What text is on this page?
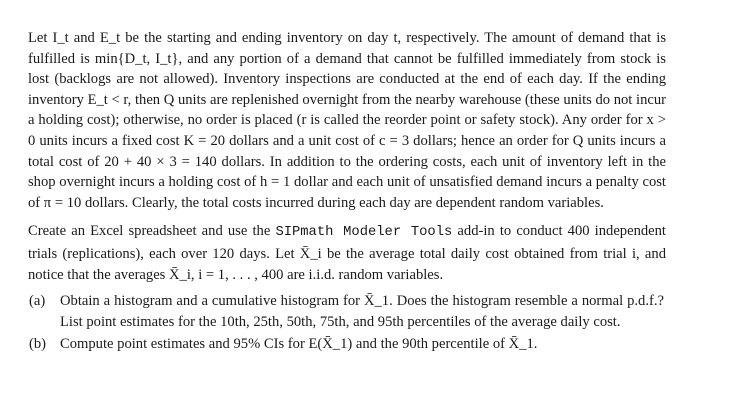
Let I_t and E_t be the starting and ending inventory on day t, respectively. The amount of demand that is fulfilled is min{D_t, I_t}, and any portion of a demand that cannot be fulfilled immediately from stock is lost (backlogs are not allowed). Inventory inspections are conducted at the end of each day. If the ending inventory E_t < r, then Q units are replenished overnight from the nearby warehouse (these units do not incur a holding cost); otherwise, no order is placed (r is called the reorder point or safety stock). Any order for x > 0 units incurs a fixed cost K = 20 dollars and a unit cost of c = 3 dollars; hence an order for Q units incurs a total cost of 20 + 40 × 3 = 140 dollars. In addition to the ordering costs, each unit of inventory left in the shop overnight incurs a holding cost of h = 1 dollar and each unit of unsatisfied demand incurs a penalty cost of π = 10 dollars. Clearly, the total costs incurred during each day are dependent random variables.

Create an Excel spreadsheet and use the SIPmath Modeler Tools add-in to conduct 400 independent trials (replications), each over 120 days. Let X̄_i be the average total daily cost obtained from trial i, and notice that the averages X̄_i, i = 1, . . . , 400 are i.i.d. random variables.

(a)	Obtain a histogram and a cumulative histogram for X̄_1. Does the histogram resemble a normal p.d.f.? List point estimates for the 10th, 25th, 50th, 75th, and 95th percentiles of the average daily cost.
(b) Compute point estimates and 95% CIs for E(X̄_1) and the 90th percentile of X̄_1.
